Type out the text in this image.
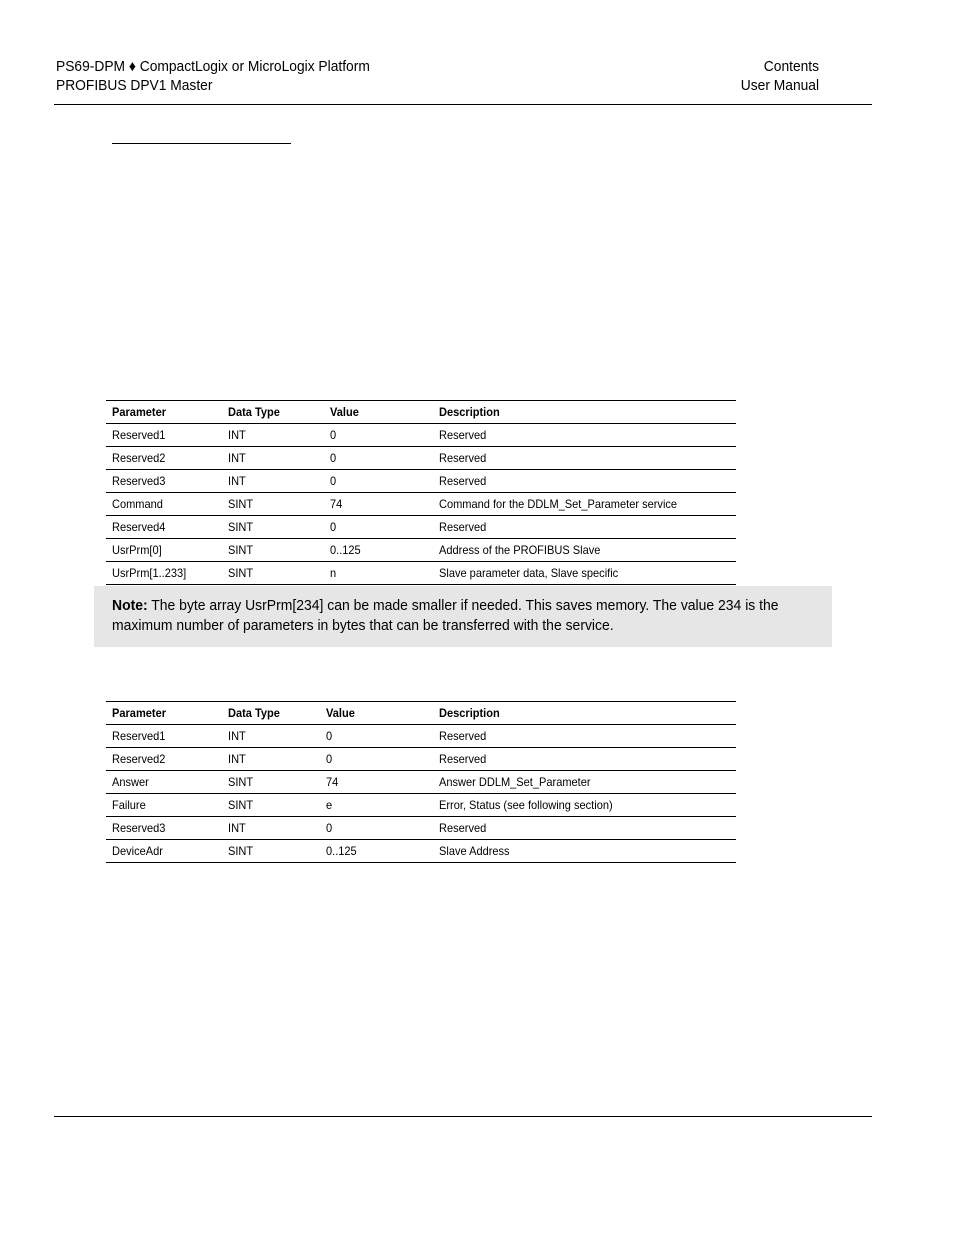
PS69-DPM ♦ CompactLogix or MicroLogix Platform
PROFIBUS DPV1 Master
Contents
User Manual
Parameter	Data Type	Value	Description
Reserved1	INT	0	Reserved
Reserved2	INT	0	Reserved
Reserved3	INT	0	Reserved
Command	SINT	74	Command for the DDLM_Set_Parameter service
Reserved4	SINT	0	Reserved
UsrPrm[0]	SINT	0..125	Address of the PROFIBUS Slave
UsrPrm[1..233]	SINT	n	Slave parameter data, Slave specific
Note: The byte array UsrPrm[234] can be made smaller if needed. This saves memory. The value 234 is the maximum number of parameters in bytes that can be transferred with the service.
Parameter	Data Type	Value	Description
Reserved1	INT	0	Reserved
Reserved2	INT	0	Reserved
Answer	SINT	74	Answer DDLM_Set_Parameter
Failure	SINT	e	Error, Status (see following section)
Reserved3	INT	0	Reserved
DeviceAdr	SINT	0..125	Slave Address
